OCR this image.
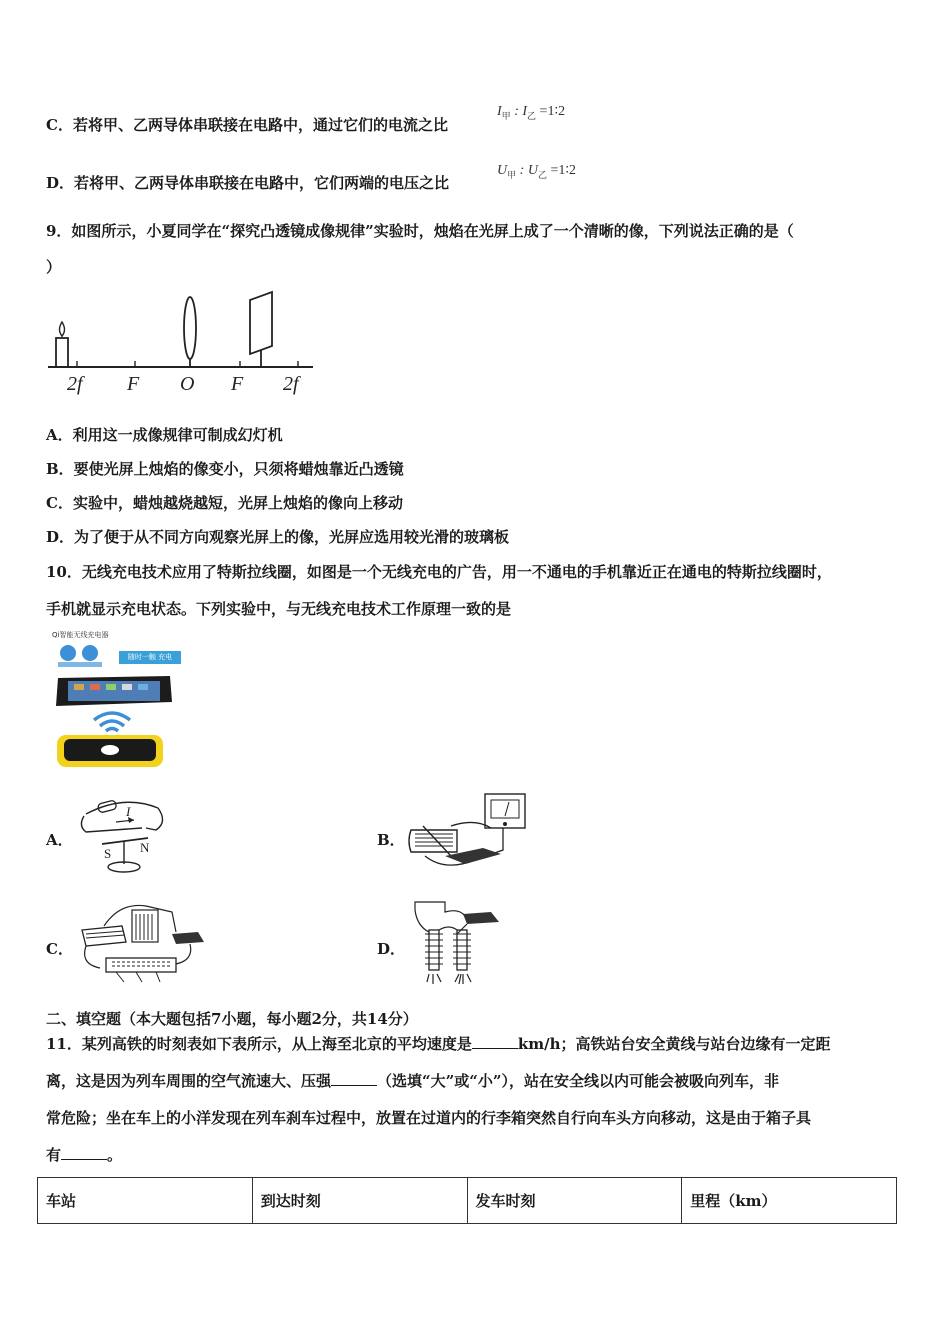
C．若将甲、乙两导体串联接在电路中，通过它们的电流之比
$I_甲$ : $I_乙$ =1∶2
D．若将甲、乙两导体串联接在电路中，它们两端的电压之比
$U_甲$ : $U_乙$ =1∶2
9．如图所示，小夏同学在“探究凸透镜成像规律”实验时，烛焰在光屏上成了一个清晰的像，下列说法正确的是（
）
2f F O F 2f
A．利用这一成像规律可制成幻灯机
B．要使光屏上烛焰的像变小，只须将蜡烛靠近凸透镜
C．实验中，蜡烛越烧越短，光屏上烛焰的像向上移动
D．为了便于从不同方向观察光屏上的像，光屏应选用较光滑的玻璃板
10．无线充电技术应用了特斯拉线圈，如图是一个无线充电的广告，用一不通电的手机靠近正在通电的特斯拉线圈时，
手机就显示充电状态。下列实验中，与无线充电技术工作原理一致的是
Qi智能无线充电器
随时一触 充电
A．
I
S N	B．
C．	D．
二、填空题（本大题包括7小题，每小题2分，共14分）
11．某列高铁的时刻表如下表所示，从上海至北京的平均速度是	km/h；高铁站台安全黄线与站台边缘有一定距
离，这是因为列车周围的空气流速大、压强	（选填“大”或“小”），站在安全线以内可能会被吸向列车，非
常危险；坐在车上的小洋发现在列车刹车过程中，放置在过道内的行李箱突然自行向车头方向移动，这是由于箱子具
有	。
车站	到达时刻	发车时刻	里程（km）
